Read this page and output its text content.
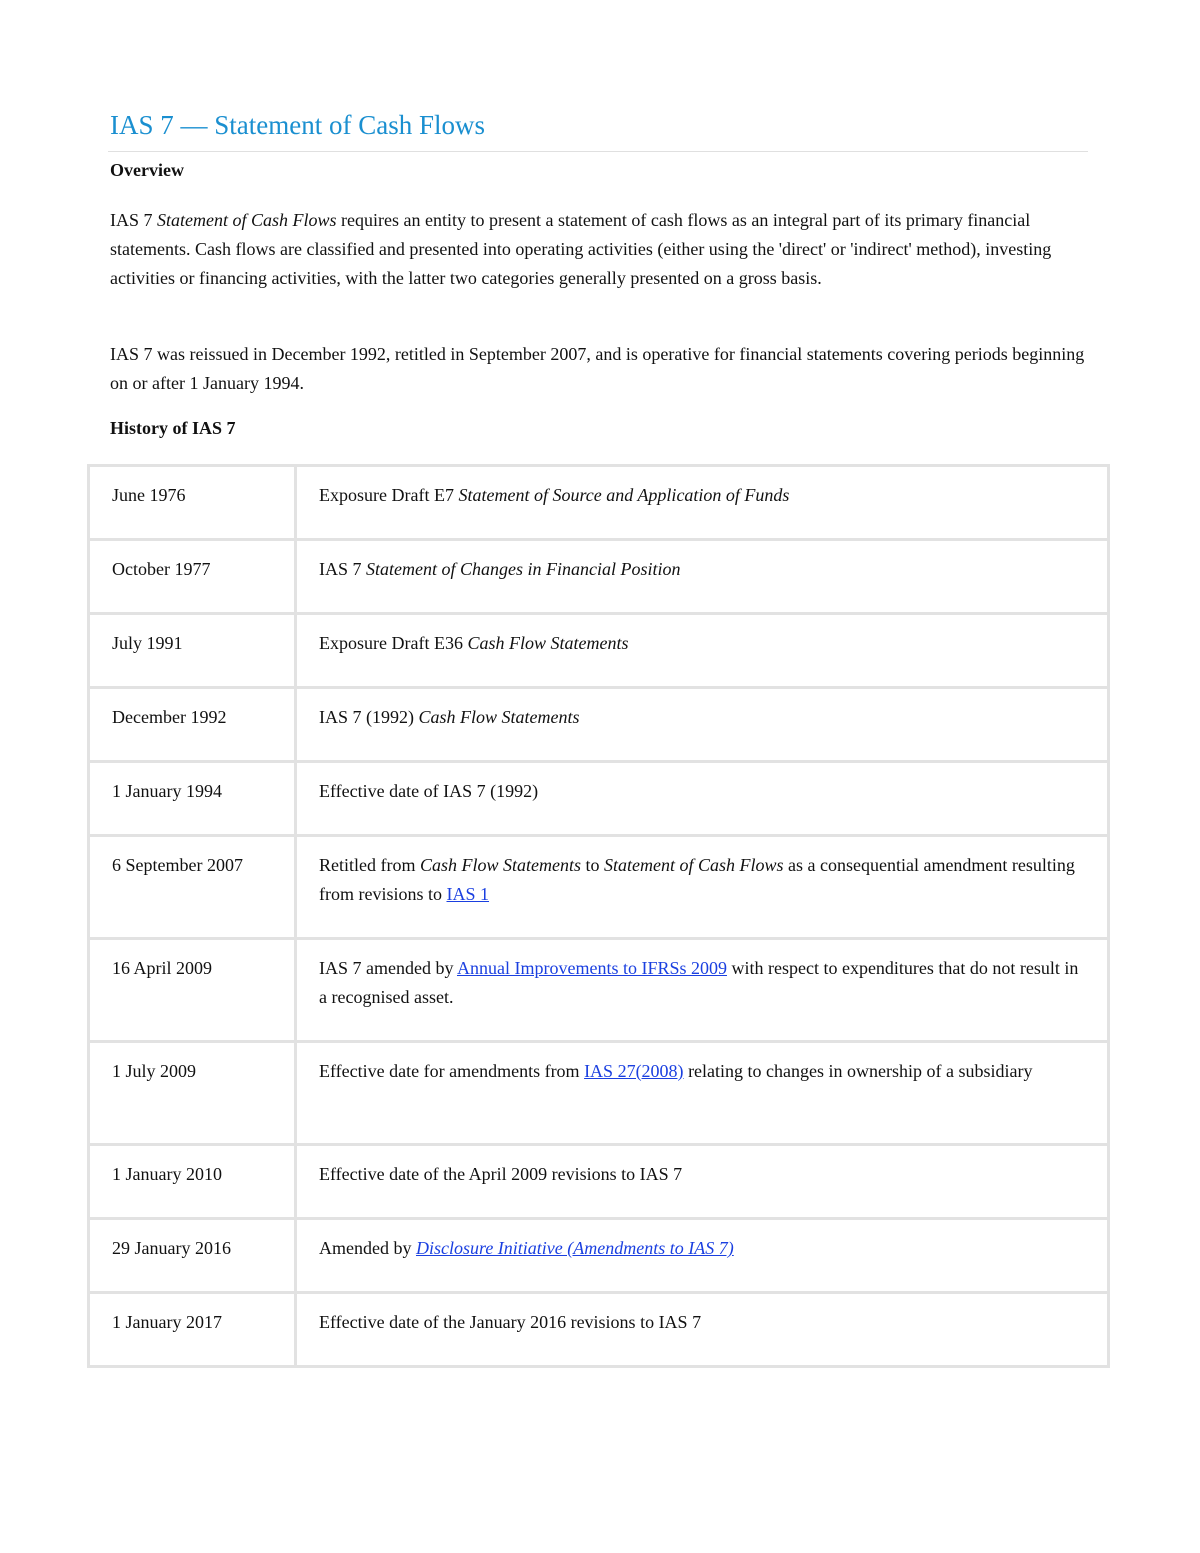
IAS 7 — Statement of Cash Flows
Overview

IAS 7 Statement of Cash Flows requires an entity to present a statement of cash flows as an integral part of its primary financial statements. Cash flows are classified and presented into operating activities (either using the 'direct' or 'indirect' method), investing activities or financing activities, with the latter two categories generally presented on a gross basis.

IAS 7 was reissued in December 1992, retitled in September 2007, and is operative for financial statements covering periods beginning on or after 1 January 1994.

History of IAS 7
June 1976	Exposure Draft E7 Statement of Source and Application of Funds
October 1977	IAS 7 Statement of Changes in Financial Position
July 1991	Exposure Draft E36 Cash Flow Statements
December 1992	IAS 7 (1992) Cash Flow Statements
1 January 1994	Effective date of IAS 7 (1992)
6 September 2007	Retitled from Cash Flow Statements to Statement of Cash Flows as a consequential amendment resulting from revisions to IAS 1
16 April 2009	IAS 7 amended by Annual Improvements to IFRSs 2009 with respect to expenditures that do not result in a recognised asset.
1 July 2009	Effective date for amendments from IAS 27(2008) relating to changes in ownership of a subsidiary
1 January 2010	Effective date of the April 2009 revisions to IAS 7
29 January 2016	Amended by Disclosure Initiative (Amendments to IAS 7)
1 January 2017	Effective date of the January 2016 revisions to IAS 7
